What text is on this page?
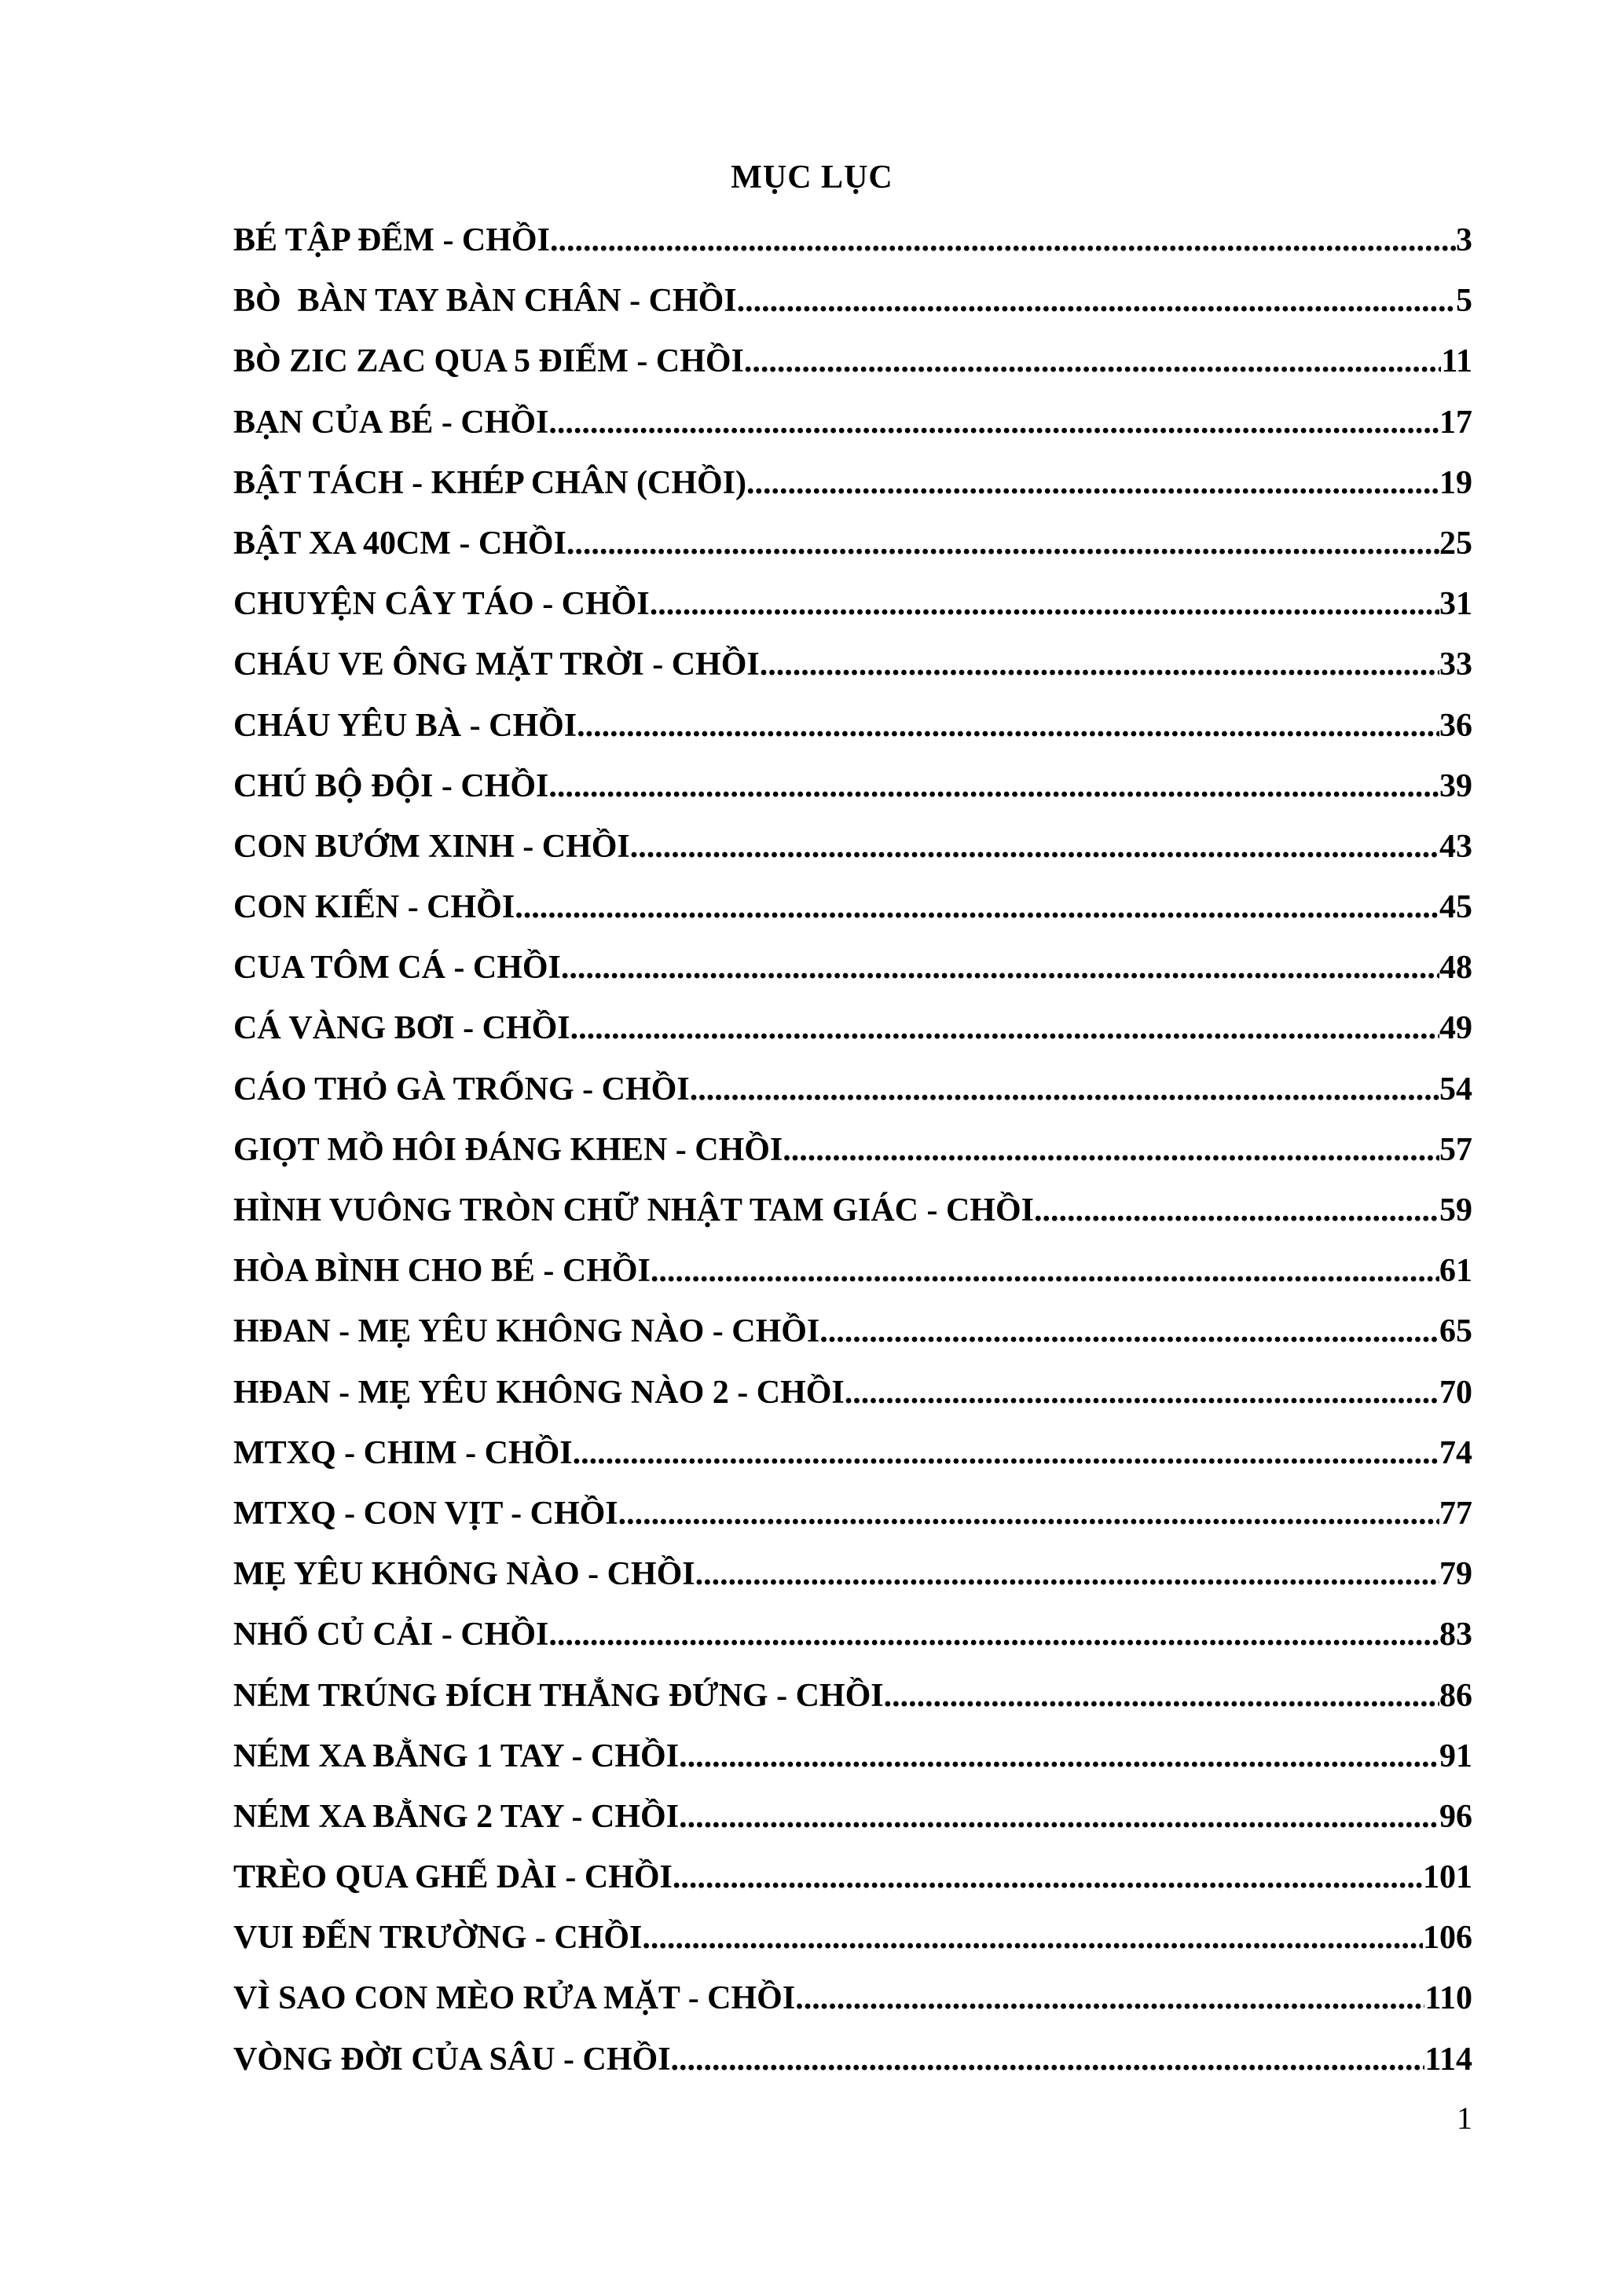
MỤC LỤC
BÉ TẬP ĐẾM - CHỒI .....	3
BÒ  BÀN TAY BÀN CHÂN - CHỒI .....	5
BÒ ZIC ZAC QUA 5 ĐIỂM - CHỒI .....	11
BẠN CỦA BÉ - CHỒI .....	17
BẬT TÁCH - KHÉP CHÂN (CHỒI) .....	19
BẬT XA 40CM - CHỒI .....	25
CHUYỆN CÂY TÁO - CHỒI .....	31
CHÁU VE ÔNG MẶT TRỜI - CHỒI .....	33
CHÁU YÊU BÀ - CHỒI .....	36
CHÚ BỘ ĐỘI - CHỒI .....	39
CON BƯỚM XINH - CHỒI .....	43
CON KIẾN - CHỒI .....	45
CUA TÔM CÁ - CHỒI .....	48
CÁ VÀNG BƠI - CHỒI .....	49
CÁO THỎ GÀ TRỐNG - CHỒI .....	54
GIỌT MỒ HÔI ĐÁNG KHEN - CHỒI .....	57
HÌNH VUÔNG TRÒN CHỮ NHẬT TAM GIÁC - CHỒI .....	59
HÒA BÌNH CHO BÉ - CHỒI .....	61
HĐAN - MẸ YÊU KHÔNG NÀO - CHỒI .....	65
HĐAN - MẸ YÊU KHÔNG NÀO 2 - CHỒI .....	70
MTXQ - CHIM - CHỒI .....	74
MTXQ - CON VỊT - CHỒI .....	77
MẸ YÊU KHÔNG NÀO - CHỒI .....	79
NHỔ CỦ CẢI - CHỒI .....	83
NÉM TRÚNG ĐÍCH THẲNG ĐỨNG - CHỒI .....	86
NÉM XA BẰNG 1 TAY - CHỒI .....	91
NÉM XA BẰNG 2 TAY - CHỒI .....	96
TRÈO QUA GHẾ DÀI - CHỒI .....	101
VUI ĐẾN TRƯỜNG - CHỒI .....	106
VÌ SAO CON MÈO RỬA MẶT - CHỒI .....	110
VÒNG ĐỜI CỦA SÂU - CHỒI .....	114
1
